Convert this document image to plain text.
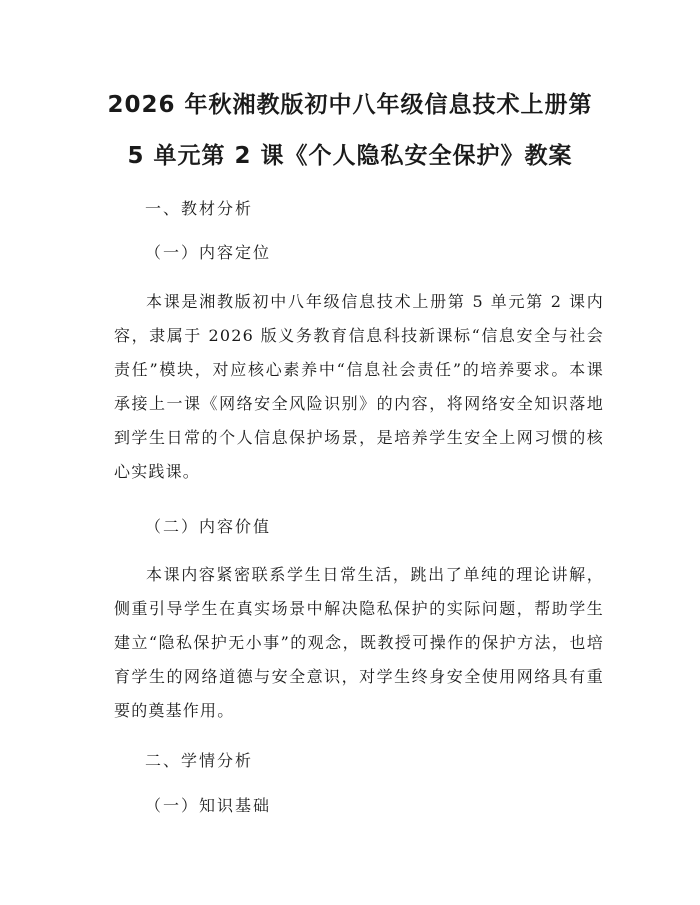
2026 年秋湘教版初中八年级信息技术上册第
5 单元第 2 课《个人隐私安全保护》教案
一、教材分析
（一）内容定位
本课是湘教版初中八年级信息技术上册第 5 单元第 2 课内容，隶属于 2026 版义务教育信息科技新课标“信息安全与社会责任”模块，对应核心素养中“信息社会责任”的培养要求。本课承接上一课《网络安全风险识别》的内容，将网络安全知识落地到学生日常的个人信息保护场景，是培养学生安全上网习惯的核心实践课。
（二）内容价值
本课内容紧密联系学生日常生活，跳出了单纯的理论讲解，侧重引导学生在真实场景中解决隐私保护的实际问题，帮助学生建立“隐私保护无小事”的观念，既教授可操作的保护方法，也培育学生的网络道德与安全意识，对学生终身安全使用网络具有重要的奠基作用。
二、学情分析
（一）知识基础
